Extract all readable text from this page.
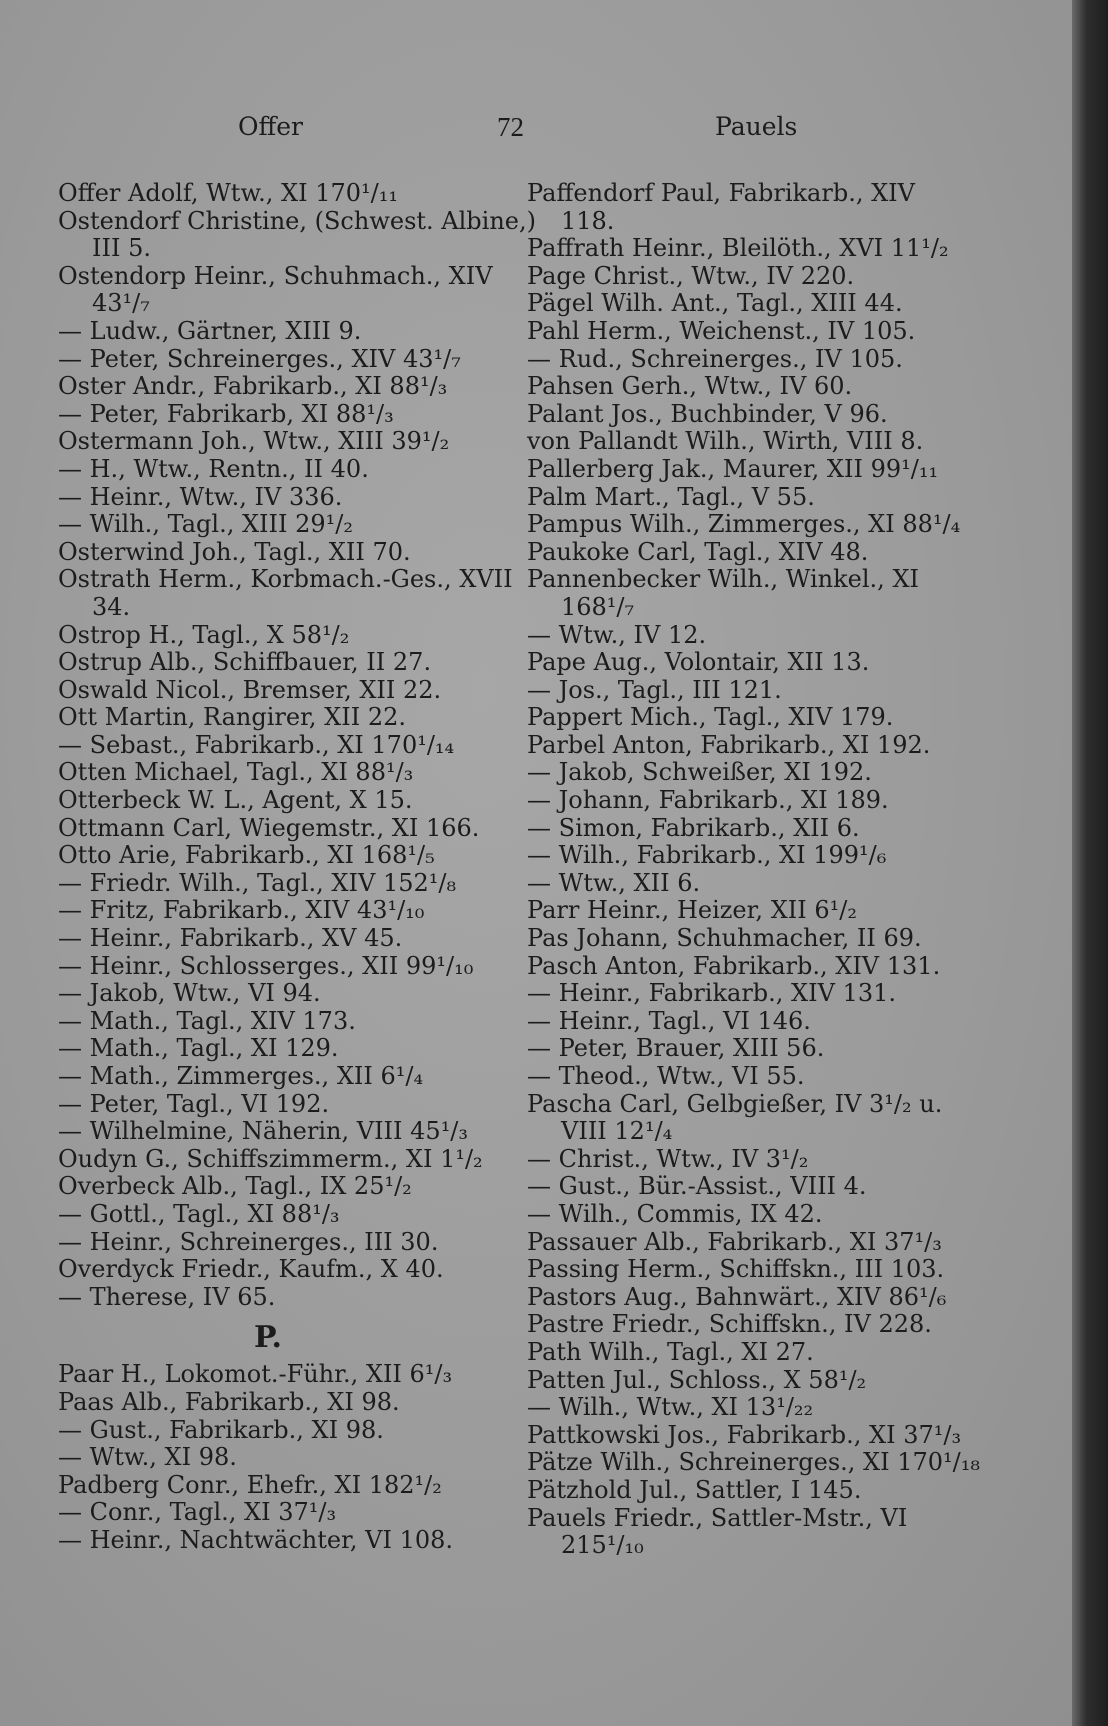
Offer	72	Pauels

Offer Adolf, Wtw., XI 170¹/₁₁

Ostendorf Christine, (Schwest. Albine,)
III 5.

Ostendorp Heinr., Schuhmach., XIV
43¹/₇

— Ludw., Gärtner, XIII 9.

— Peter, Schreinerges., XIV 43¹/₇

Oster Andr., Fabrikarb., XI 88¹/₃

— Peter, Fabrikarb, XI 88¹/₃

Ostermann Joh., Wtw., XIII 39¹/₂

— H., Wtw., Rentn., II 40.

— Heinr., Wtw., IV 336.

— Wilh., Tagl., XIII 29¹/₂

Osterwind Joh., Tagl., XII 70.

Ostrath Herm., Korbmach.-Ges., XVII
34.

Ostrop H., Tagl., X 58¹/₂

Ostrup Alb., Schiffbauer, II 27.

Oswald Nicol., Bremser, XII 22.

Ott Martin, Rangirer, XII 22.

— Sebast., Fabrikarb., XI 170¹/₁₄

Otten Michael, Tagl., XI 88¹/₃

Otterbeck W. L., Agent, X 15.

Ottmann Carl, Wiegemstr., XI 166.

Otto Arie, Fabrikarb., XI 168¹/₅

— Friedr. Wilh., Tagl., XIV 152¹/₈

— Fritz, Fabrikarb., XIV 43¹/₁₀

— Heinr., Fabrikarb., XV 45.

— Heinr., Schlosserges., XII 99¹/₁₀

— Jakob, Wtw., VI 94.

— Math., Tagl., XIV 173.

— Math., Tagl., XI 129.

— Math., Zimmerges., XII 6¹/₄

— Peter, Tagl., VI 192.

— Wilhelmine, Näherin, VIII 45¹/₃

Oudyn G., Schiffszimmerm., XI 1¹/₂

Overbeck Alb., Tagl., IX 25¹/₂

— Gottl., Tagl., XI 88¹/₃

— Heinr., Schreinerges., III 30.

Overdyck Friedr., Kaufm., X 40.

— Therese, IV 65.

P.

Paar H., Lokomot.-Führ., XII 6¹/₃

Paas Alb., Fabrikarb., XI 98.

— Gust., Fabrikarb., XI 98.

— Wtw., XI 98.

Padberg Conr., Ehefr., XI 182¹/₂

— Conr., Tagl., XI 37¹/₃

— Heinr., Nachtwächter, VI 108.

Paffendorf Paul, Fabrikarb., XIV
118.

Paffrath Heinr., Bleilöth., XVI 11¹/₂

Page Christ., Wtw., IV 220.

Pägel Wilh. Ant., Tagl., XIII 44.

Pahl Herm., Weichenst., IV 105.

— Rud., Schreinerges., IV 105.

Pahsen Gerh., Wtw., IV 60.

Palant Jos., Buchbinder, V 96.

von Pallandt Wilh., Wirth, VIII 8.

Pallerberg Jak., Maurer, XII 99¹/₁₁

Palm Mart., Tagl., V 55.

Pampus Wilh., Zimmerges., XI 88¹/₄

Paukoke Carl, Tagl., XIV 48.

Pannenbecker Wilh., Winkel., XI
168¹/₇

— Wtw., IV 12.

Pape Aug., Volontair, XII 13.

— Jos., Tagl., III 121.

Pappert Mich., Tagl., XIV 179.

Parbel Anton, Fabrikarb., XI 192.

— Jakob, Schweißer, XI 192.

— Johann, Fabrikarb., XI 189.

— Simon, Fabrikarb., XII 6.

— Wilh., Fabrikarb., XI 199¹/₆

— Wtw., XII 6.

Parr Heinr., Heizer, XII 6¹/₂

Pas Johann, Schuhmacher, II 69.

Pasch Anton, Fabrikarb., XIV 131.

— Heinr., Fabrikarb., XIV 131.

— Heinr., Tagl., VI 146.

— Peter, Brauer, XIII 56.

— Theod., Wtw., VI 55.

Pascha Carl, Gelbgießer, IV 3¹/₂ u.
VIII 12¹/₄

— Christ., Wtw., IV 3¹/₂

— Gust., Bür.-Assist., VIII 4.

— Wilh., Commis, IX 42.

Passauer Alb., Fabrikarb., XI 37¹/₃

Passing Herm., Schiffskn., III 103.

Pastors Aug., Bahnwärt., XIV 86¹/₆

Pastre Friedr., Schiffskn., IV 228.

Path Wilh., Tagl., XI 27.

Patten Jul., Schloss., X 58¹/₂

— Wilh., Wtw., XI 13¹/₂₂

Pattkowski Jos., Fabrikarb., XI 37¹/₃

Pätze Wilh., Schreinerges., XI 170¹/₁₈

Pätzhold Jul., Sattler, I 145.

Pauels Friedr., Sattler-Mstr., VI
215¹/₁₀
